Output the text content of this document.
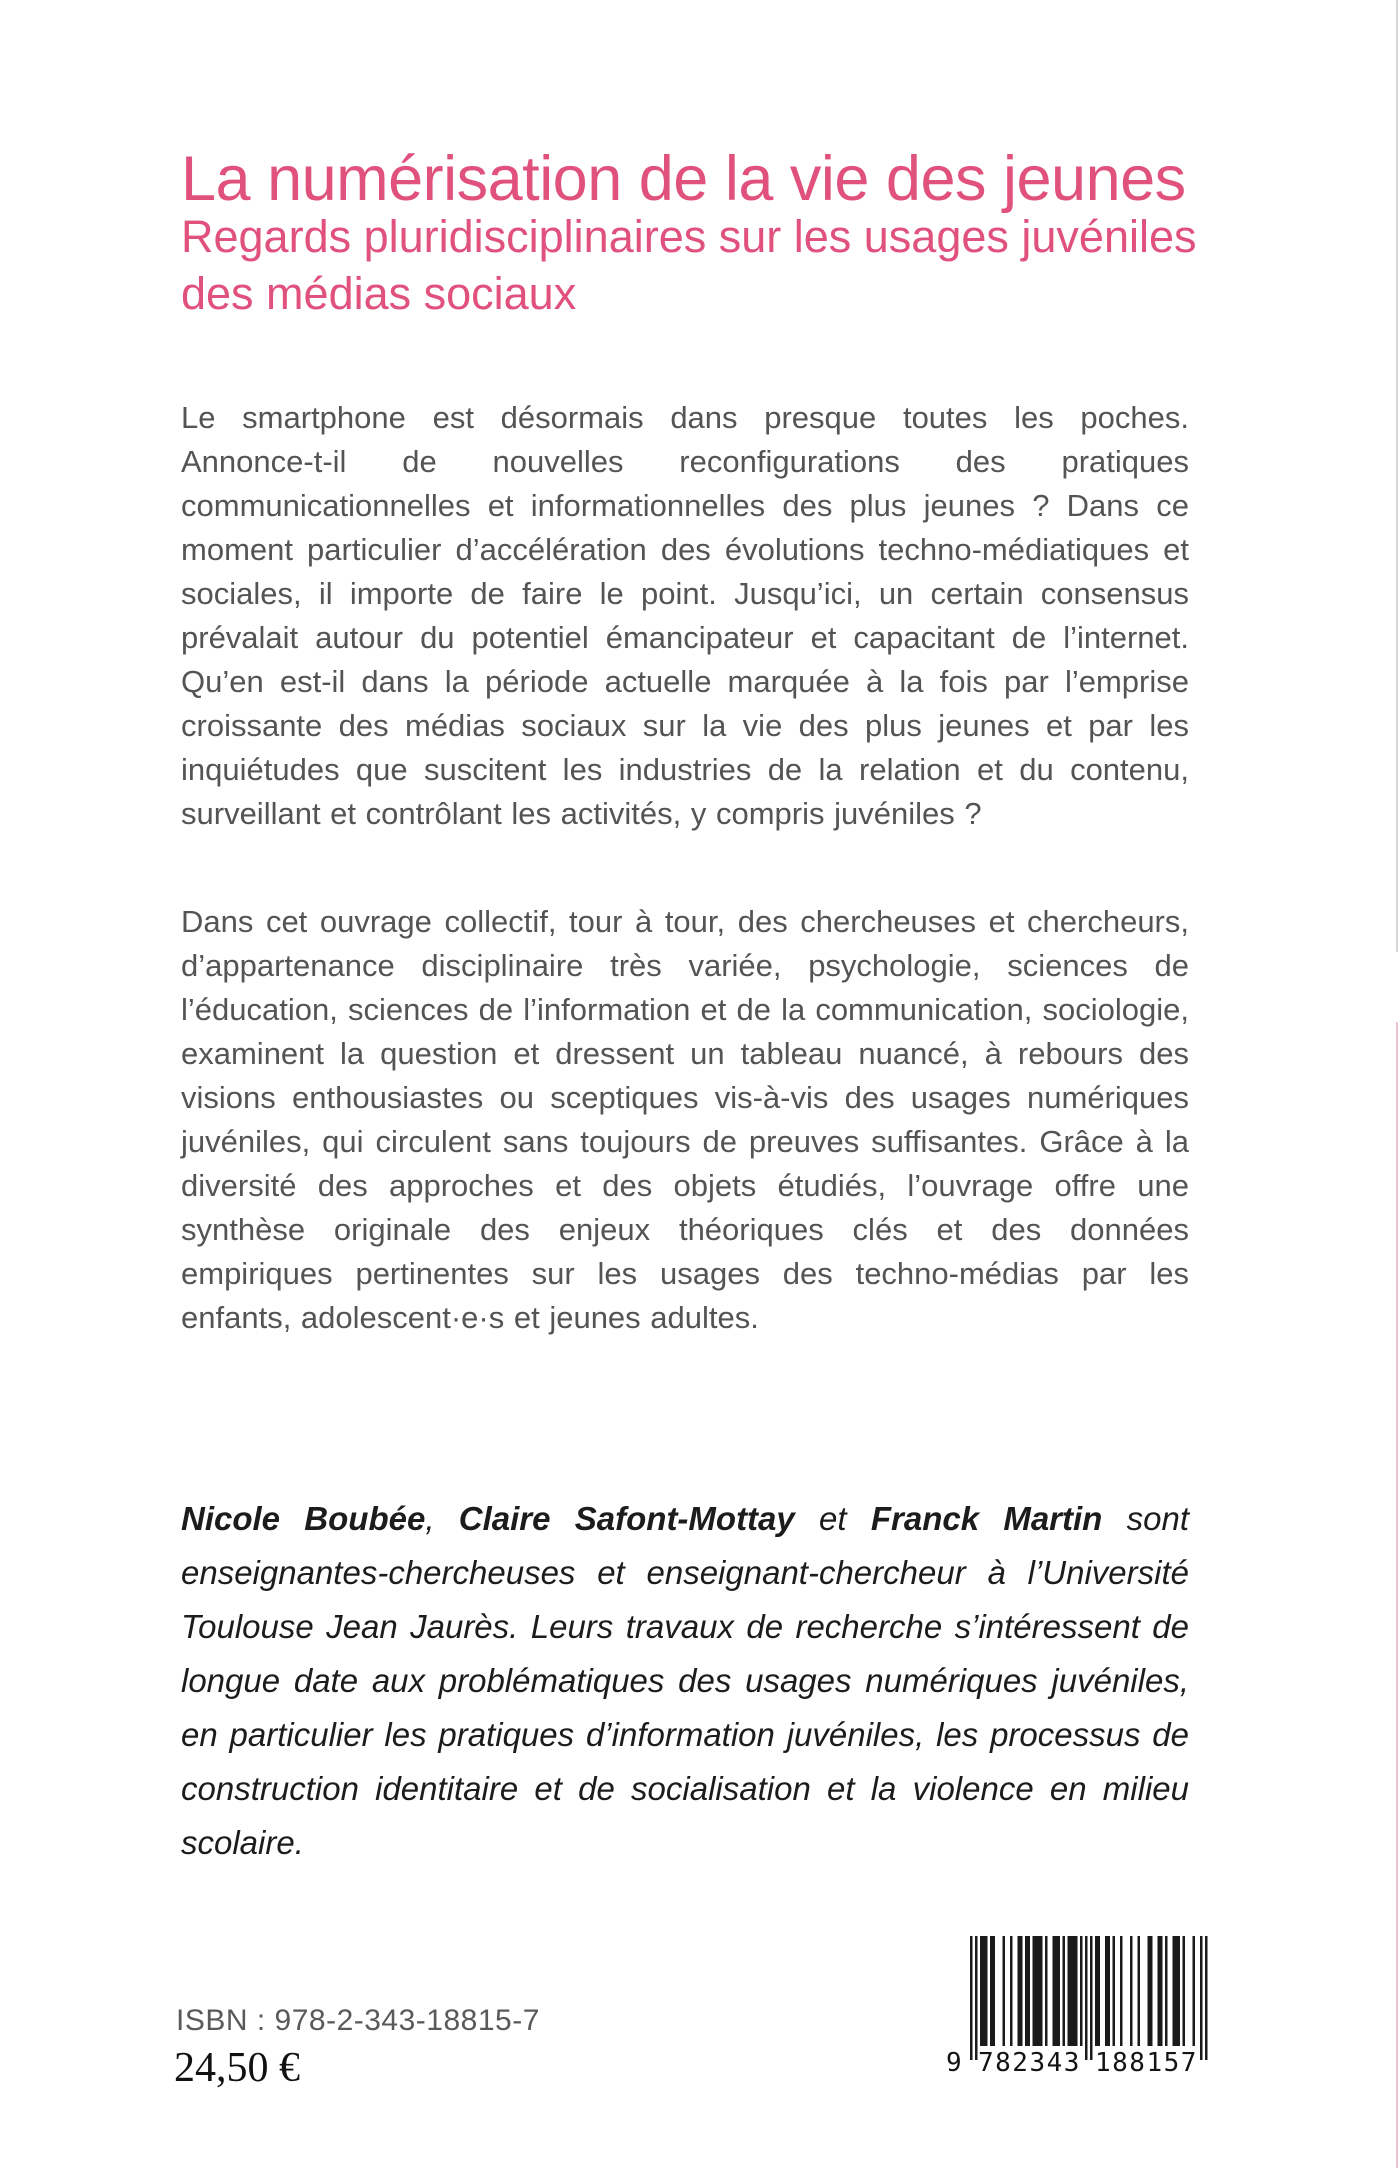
La numérisation de la vie des jeunes
Regards pluridisciplinaires sur les usages juvéniles
des médias sociaux

Le smartphone est désormais dans presque toutes les poches. Annonce-t-il de nouvelles reconfigurations des pratiques communicationnelles et informationnelles des plus jeunes ? Dans ce moment particulier d’accélération des évolutions techno-médiatiques et sociales, il importe de faire le point. Jusqu’ici, un certain consensus prévalait autour du potentiel émancipateur et capacitant de l’internet. Qu’en est-il dans la période actuelle marquée à la fois par l’emprise croissante des médias sociaux sur la vie des plus jeunes et par les inquiétudes que suscitent les industries de la relation et du contenu, surveillant et contrôlant les activités, y compris juvéniles ?

Dans cet ouvrage collectif, tour à tour, des chercheuses et chercheurs, d’appartenance disciplinaire très variée, psychologie, sciences de l’éducation, sciences de l’information et de la communication, sociologie, examinent la question et dressent un tableau nuancé, à rebours des visions enthousiastes ou sceptiques vis-à-vis des usages numériques juvéniles, qui circulent sans toujours de preuves suffisantes. Grâce à la diversité des approches et des objets étudiés, l’ouvrage offre une synthèse originale des enjeux théoriques clés et des données empiriques pertinentes sur les usages des techno-médias par les enfants, adolescent·e·s et jeunes adultes.

Nicole Boubée, Claire Safont-Mottay et Franck Martin sont enseignantes-chercheuses et enseignant-chercheur à l’Université Toulouse Jean Jaurès. Leurs travaux de recherche s’intéressent de longue date aux problématiques des usages numériques juvéniles, en particulier les pratiques d’information juvéniles, les processus de construction identitaire et de socialisation et la violence en milieu scolaire.

ISBN : 978-2-343-18815-7
24,50 €	9 782343 188157
